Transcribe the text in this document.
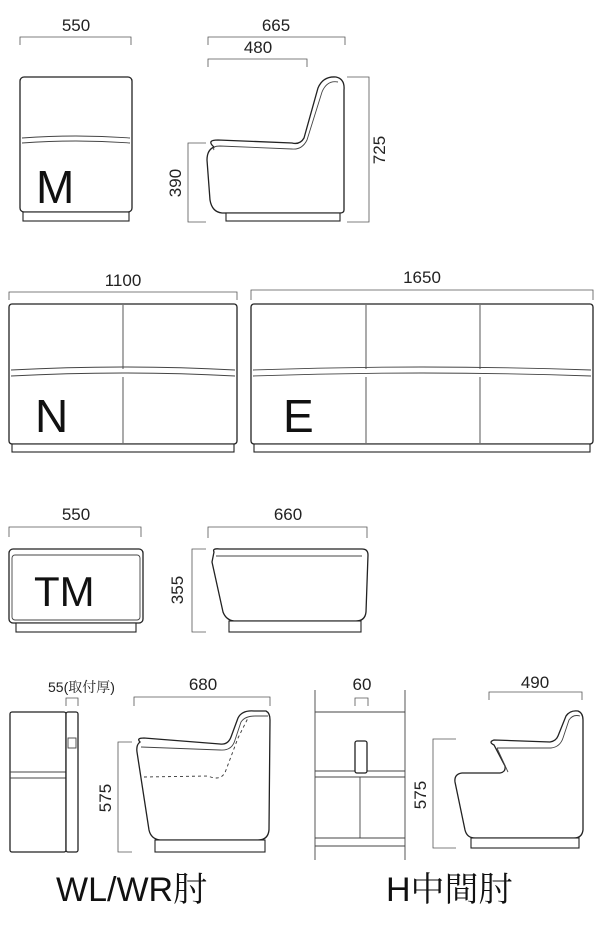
550
M
665
480
725
390
1100
N
1650
E
550
TM
660
355
55(取付厚)
WL/WR肘
680
575
60
H中間肘
490
575
